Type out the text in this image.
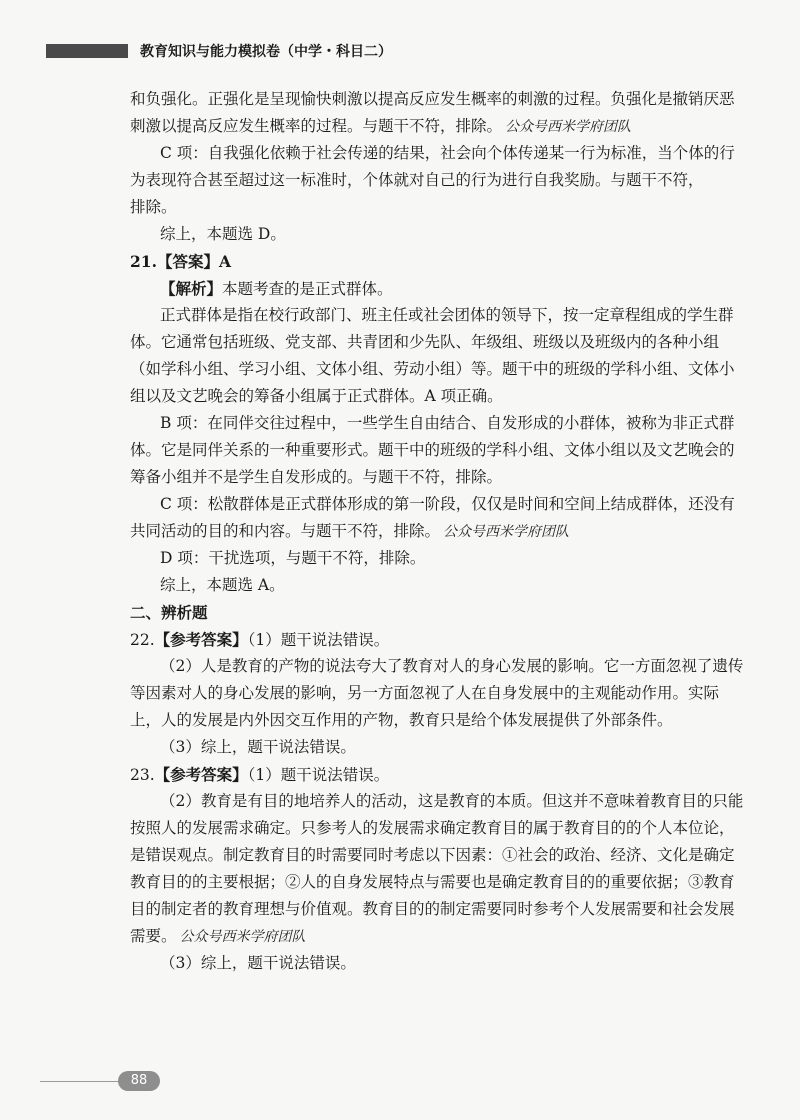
教育知识与能力模拟卷（中学・科目二）
和负强化。正强化是呈现愉快刺激以提高反应发生概率的刺激的过程。负强化是撤销厌恶
刺激以提高反应发生概率的过程。与题干不符，排除。 公众号西米学府团队
C 项：自我强化依赖于社会传递的结果，社会向个体传递某一行为标准，当个体的行
为表现符合甚至超过这一标准时，个体就对自己的行为进行自我奖励。与题干不符，
排除。
综上，本题选 D。
21.【答案】A
【解析】本题考查的是正式群体。
正式群体是指在校行政部门、班主任或社会团体的领导下，按一定章程组成的学生群
体。它通常包括班级、党支部、共青团和少先队、年级组、班级以及班级内的各种小组
（如学科小组、学习小组、文体小组、劳动小组）等。题干中的班级的学科小组、文体小
组以及文艺晚会的筹备小组属于正式群体。A 项正确。
B 项：在同伴交往过程中，一些学生自由结合、自发形成的小群体，被称为非正式群
体。它是同伴关系的一种重要形式。题干中的班级的学科小组、文体小组以及文艺晚会的
筹备小组并不是学生自发形成的。与题干不符，排除。
C 项：松散群体是正式群体形成的第一阶段，仅仅是时间和空间上结成群体，还没有
共同活动的目的和内容。与题干不符，排除。 公众号西米学府团队
D 项：干扰选项，与题干不符，排除。
综上，本题选 A。
二、辨析题
22.【参考答案】（1）题干说法错误。
（2）人是教育的产物的说法夸大了教育对人的身心发展的影响。它一方面忽视了遗传
等因素对人的身心发展的影响，另一方面忽视了人在自身发展中的主观能动作用。实际
上，人的发展是内外因交互作用的产物，教育只是给个体发展提供了外部条件。
（3）综上，题干说法错误。
23.【参考答案】（1）题干说法错误。
（2）教育是有目的地培养人的活动，这是教育的本质。但这并不意味着教育目的只能
按照人的发展需求确定。只参考人的发展需求确定教育目的属于教育目的的个人本位论，
是错误观点。制定教育目的时需要同时考虑以下因素：①社会的政治、经济、文化是确定
教育目的的主要根据；②人的自身发展特点与需要也是确定教育目的的重要依据；③教育
目的制定者的教育理想与价值观。教育目的的制定需要同时参考个人发展需要和社会发展
需要。 公众号西米学府团队
（3）综上，题干说法错误。
88
